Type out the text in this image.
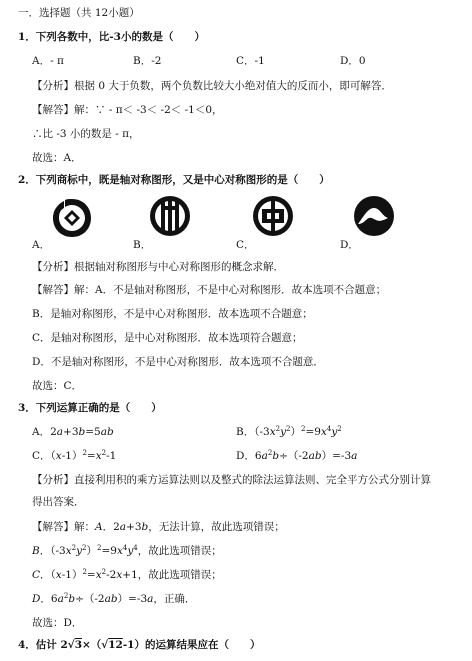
一．选择题（共 12小题）
1．下列各数中，比-3小的数是（　　）
A．- π	B．-2	C．-1	D．0
【分析】根据 0 大于负数，两个负数比较大小绝对值大的反而小，即可解答．
【解答】解：∵ - π＜ -3＜ -2＜ -1＜0，
∴比 -3 小的数是 - π，
故选：A．
2．下列商标中，既是轴对称图形，又是中心对称图形的是（　　）
A．	B．	C．	D．
【分析】根据轴对称图形与中心对称图形的概念求解．
【解答】解：A．不是轴对称图形，不是中心对称图形．故本选项不合题意；
B．是轴对称图形，不是中心对称图形．故本选项不合题意；
C．是轴对称图形，是中心对称图形．故本选项符合题意；
D．不是轴对称图形，不是中心对称图形．故本选项不合题意．
故选：C．
3．下列运算正确的是（　　）
A．2a+3b=5ab	B．$(-3x^2y^2)^2=9x^4y^2$
C．$(x-1)^2=x^2-1$	D．$6a^2b\div(-2ab)=-3a$
【分析】直接利用积的乘方运算法则以及整式的除法运算法则、完全平方公式分别计算
得出答案．
【解答】解：A．2a+3b，无法计算，故此选项错误；
B．$(-3x^2y^2)^2=9x^4y^4$，故此选项错误；
C．$(x-1)^2=x^2-2x+1$，故此选项错误；
D．$6a^2b\div(-2ab)=-3a$，正确．
故选：D．
4．估计 2√3×（√12-1）的运算结果应在（　　）
